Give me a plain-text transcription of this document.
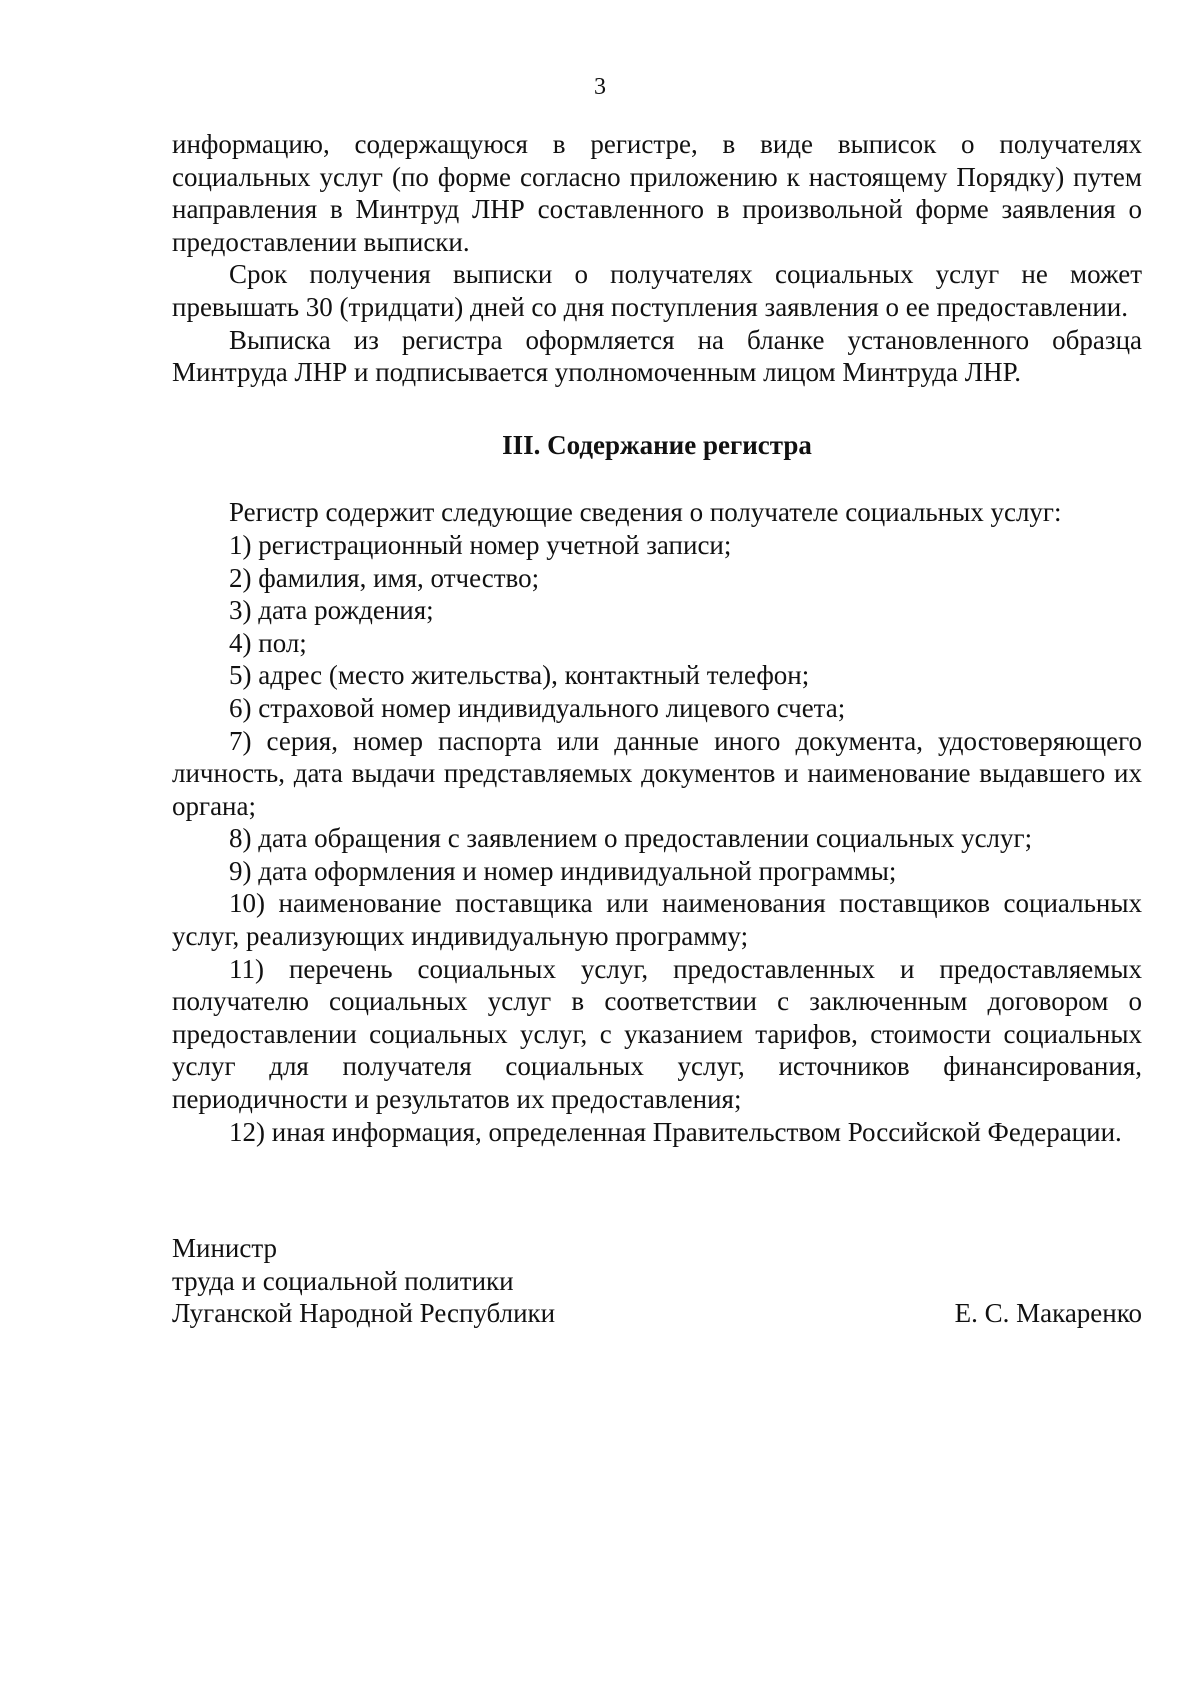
3

информацию, содержащуюся в регистре, в виде выписок о получателях социальных услуг (по форме согласно приложению к настоящему Порядку) путем направления в Минтруд ЛНР составленного в произвольной форме заявления о предоставлении выписки.

Срок получения выписки о получателях социальных услуг не может превышать 30 (тридцати) дней со дня поступления заявления о ее предоставлении.

Выписка из регистра оформляется на бланке установленного образца Минтруда ЛНР и подписывается уполномоченным лицом Минтруда ЛНР.

III. Содержание регистра

Регистр содержит следующие сведения о получателе социальных услуг:

1) регистрационный номер учетной записи;

2) фамилия, имя, отчество;

3) дата рождения;

4) пол;

5) адрес (место жительства), контактный телефон;

6) страховой номер индивидуального лицевого счета;

7) серия, номер паспорта или данные иного документа, удостоверяющего личность, дата выдачи представляемых документов и наименование выдавшего их органа;

8) дата обращения с заявлением о предоставлении социальных услуг;

9) дата оформления и номер индивидуальной программы;

10) наименование поставщика или наименования поставщиков социальных услуг, реализующих индивидуальную программу;

11) перечень социальных услуг, предоставленных и предоставляемых получателю социальных услуг в соответствии с заключенным договором о предоставлении социальных услуг, с указанием тарифов, стоимости социальных услуг для получателя социальных услуг, источников финансирования, периодичности и результатов их предоставления;

12) иная информация, определенная Правительством Российской Федерации.

Министр
труда и социальной политики
Луганской Народной Республики	Е. С. Макаренко
